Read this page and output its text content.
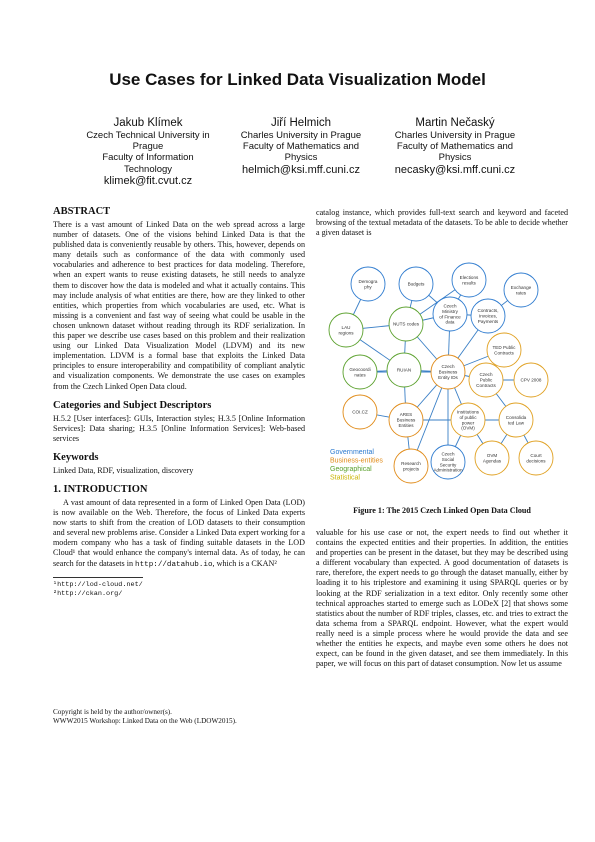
Use Cases for Linked Data Visualization Model
Jakub Klímek
Czech Technical University in
Prague
Faculty of Information
Technology
klimek@fit.cvut.cz
Jiří Helmich
Charles University in Prague
Faculty of Mathematics and
Physics
helmich@ksi.mff.cuni.cz
Martin Nečaský
Charles University in Prague
Faculty of Mathematics and
Physics
necasky@ksi.mff.cuni.cz
ABSTRACT

There is a vast amount of Linked Data on the web spread across a large number of datasets. One of the visions behind Linked Data is that the published data is conveniently reusable by others. This, however, depends on many details such as conformance of the data with commonly used vocabularies and adherence to best practices for data modeling. Therefore, when an expert wants to reuse existing datasets, he still needs to analyze them to discover how the data is modeled and what it actually contains. This may include analysis of what entities are there, how are they linked to other entities, which properties from which vocabularies are used, etc. What is missing is a convenient and fast way of seeing what could be usable in the chosen unknown dataset without reading through its RDF serialization. In this paper we describe use cases based on this problem and their realization using our Linked Data Visualization Model (LDVM) and its new implementation. LDVM is a formal base that exploits the Linked Data principles to ensure interoperability and compatibility of compliant analytic and visualization components. We demonstrate the use cases on examples from the Czech Linked Open Data cloud.

Categories and Subject Descriptors

H.5.2 [User interfaces]: GUIs, Interaction styles; H.3.5 [Online Information Services]: Data sharing; H.3.5 [Online Information Services]: Web-based services

Keywords

Linked Data, RDF, visualization, discovery

1. INTRODUCTION

A vast amount of data represented in a form of Linked Open Data (LOD) is now available on the Web. Therefore, the focus of Linked Data experts now starts to shift from the creation of LOD datasets to their consumption and several new problems arise. Consider a Linked Data expert working for a modern company who has a task of finding suitable datasets in the LOD Cloud¹ that would enhance the company's internal data. As of today, he can search for the datasets in http://datahub.io, which is a CKAN²

¹http://lod-cloud.net/
²http://ckan.org/
Copyright is held by the author/owner(s).
WWW2015 Workshop: Linked Data on the Web (LDOW2015).

catalog instance, which provides full-text search and keyword and faceted browsing of the textual metadata of the datasets. To be able to decide whether a given dataset is

Demogra phy
Budgets
Elections results
Exchange rates
Czech Ministry of Finance data
Contracts, Invoices, Payments
NUTS codes
LAU regions
TED Public Contracts
Geocoordi nates
RUIAN
Czech Business Entity IDs
Czech Public Contracts
CPV 2008
COI.CZ
ARES Business Entities
Institutions of public power (OVM)
Consolida ted Law
Czech Social Security Administration
OVM Agendas
Court decisions
Research projects
Governmental
Business-entities
Geographical
Statistical
Figure 1: The 2015 Czech Linked Open Data Cloud

valuable for his use case or not, the expert needs to find out whether it contains the expected entities and their properties. In addition, the entities and properties can be present in the dataset, but they may be described using a different vocabulary than expected. A good documentation of datasets is rare, therefore, the expert needs to go through the dataset manually, either by loading it to his triplestore and examining it using SPARQL queries or by looking at the RDF serialization in a text editor. Only recently some other technical approaches started to emerge such as LODeX [2] that shows some statistics about the number of RDF triples, classes, etc. and tries to extract the data schema from a SPARQL endpoint. However, what the expert would really need is a simple process where he would provide the data and see whether the entities he expects, and maybe even some others he does not expect, can be found in the given dataset, and see them immediately. In this paper, we will focus on this part of dataset consumption. Now let us assume
